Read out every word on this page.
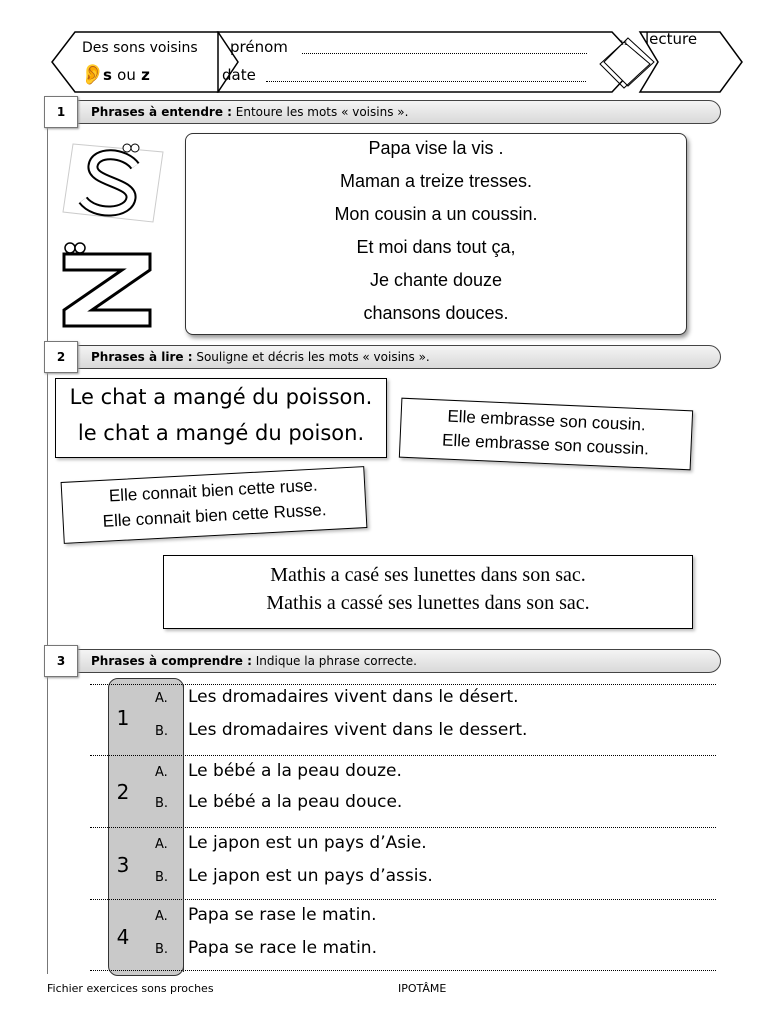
Des sons voisins
👂
s ou z
prénom
date
lecture
11
Phrases à entendre : Entoure les mots « voisins ».
1
Papa vise la vis .
Maman a treize tresses.
Mon cousin a un coussin.
Et moi dans tout ça,
Je chante douze
chansons douces.
Phrases à lire : Souligne et décris les mots « voisins ».
2
Le chat a mangé du poisson.
le chat a mangé du poison.	Elle embrasse son cousin.
Elle embrasse son coussin.
Elle connait bien cette ruse.
Elle connait bien cette Russe.
Mathis a casé ses lunettes dans son sac.
Mathis a cassé ses lunettes dans son sac.
Phrases à comprendre : Indique la phrase correcte.
3
1
A. Les dromadaires vivent dans le désert.
B. Les dromadaires vivent dans le dessert.
2
A. Le bébé a la peau douze.
B. Le bébé a la peau douce.
3
A. Le japon est un pays d’Asie.
B. Le japon est un pays d’assis.
4
A. Papa se rase le matin.
B. Papa se race le matin.
Fichier exercices sons proches	IPOTÂME
